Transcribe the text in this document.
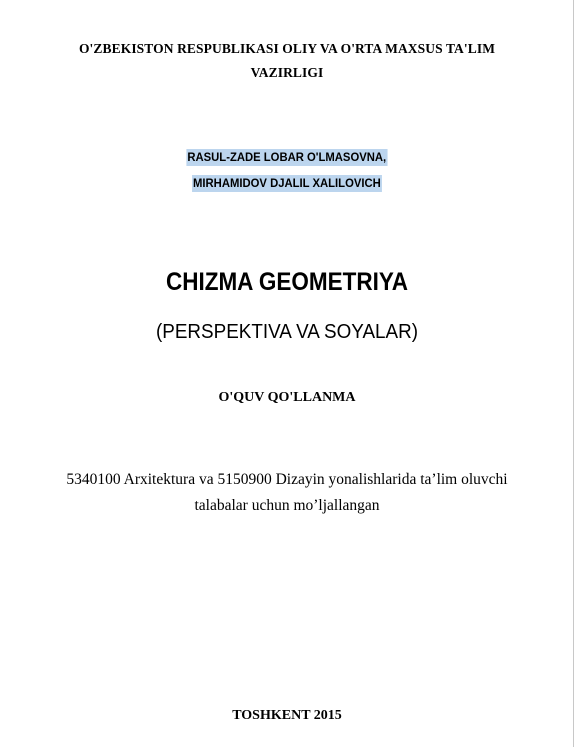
O'ZBEKISTON RESPUBLIKASI OLIY VA O'RTA MAXSUS TA'LIM
VAZIRLIGI
RASUL-ZADE LOBAR O'LMASOVNA,
MIRHAMIDOV DJALIL XALILOVICH
CHIZMA GEOMETRIYA
(PERSPEKTIVA VA SOYALAR)
O'QUV QO'LLANMA
5340100 Arxitektura va 5150900 Dizayin yonalishlarida ta’lim oluvchi
talabalar uchun mo’ljallangan
TOSHKENT 2015
